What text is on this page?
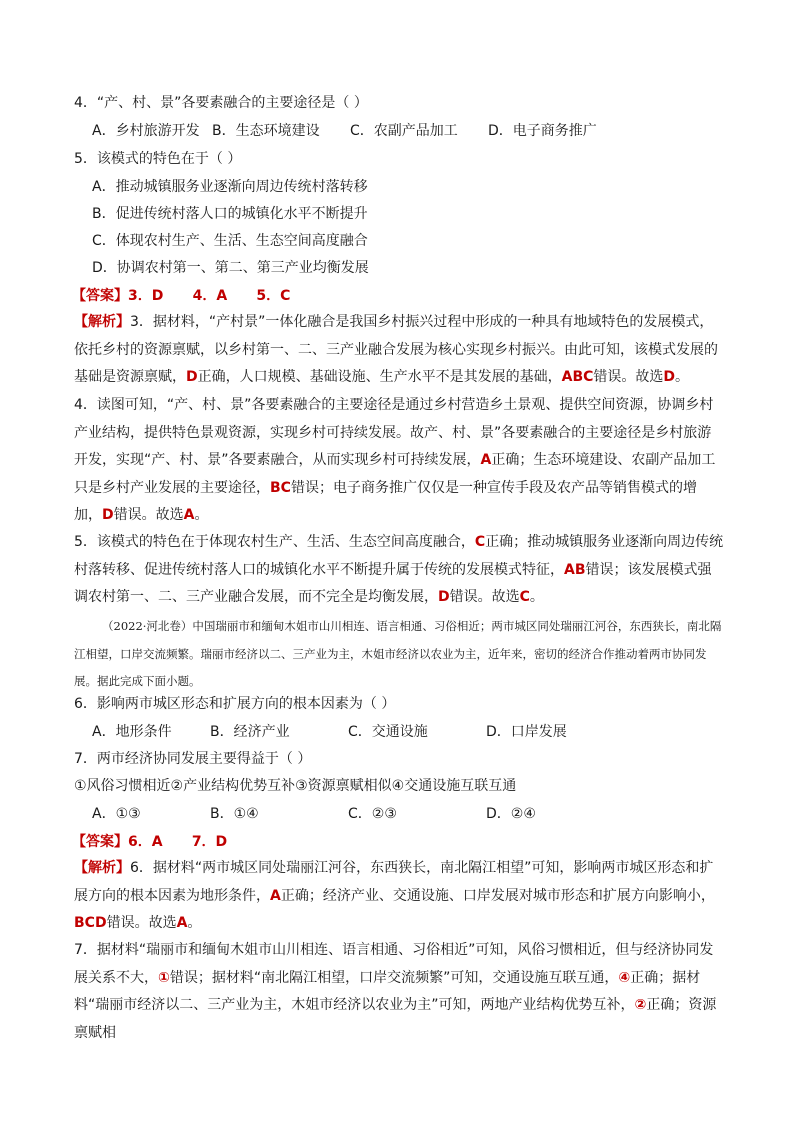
4．“产、村、景”各要素融合的主要途径是（ ）
A．乡村旅游开发 B．生态环境建设 C．农副产品加工 D．电子商务推广
5．该模式的特色在于（ ）
A．推动城镇服务业逐渐向周边传统村落转移
B．促进传统村落人口的城镇化水平不断提升
C．体现农村生产、生活、生态空间高度融合
D．协调农村第一、第二、第三产业均衡发展
【答案】3．D      4．A      5．C

【解析】3．据材料，“产村景”一体化融合是我国乡村振兴过程中形成的一种具有地域特色的发展模式，依托乡村的资源禀赋，以乡村第一、二、三产业融合发展为核心实现乡村振兴。由此可知，该模式发展的基础是资源禀赋，D正确，人口规模、基础设施、生产水平不是其发展的基础，ABC错误。故选D。

4．读图可知，“产、村、景”各要素融合的主要途径是通过乡村营造乡土景观、提供空间资源，协调乡村产业结构，提供特色景观资源，实现乡村可持续发展。故产、村、景”各要素融合的主要途径是乡村旅游开发，实现“产、村、景”各要素融合，从而实现乡村可持续发展，A正确；生态环境建设、农副产品加工只是乡村产业发展的主要途径，BC错误；电子商务推广仅仅是一种宣传手段及农产品等销售模式的增加，D错误。故选A。

5．该模式的特色在于体现农村生产、生活、生态空间高度融合，C正确；推动城镇服务业逐渐向周边传统村落转移、促进传统村落人口的城镇化水平不断提升属于传统的发展模式特征，AB错误；该发展模式强调农村第一、二、三产业融合发展，而不完全是均衡发展，D错误。故选C。

（2022·河北卷）中国瑞丽市和缅甸木姐市山川相连、语言相通、习俗相近；两市城区同处瑞丽江河谷，东西狭长，南北隔江相望，口岸交流频繁。瑞丽市经济以二、三产业为主，木姐市经济以农业为主，近年来，密切的经济合作推动着两市协同发展。据此完成下面小题。

6．影响两市城区形态和扩展方向的根本因素为（ ）
A．地形条件	B．经济产业	C．交通设施	D．口岸发展
7．两市经济协同发展主要得益于（ ）
①风俗习惯相近②产业结构优势互补③资源禀赋相似④交通设施互联互通
A．①③	B．①④	C．②③	D．②④
【答案】6．A      7．D

【解析】6．据材料“两市城区同处瑞丽江河谷，东西狭长，南北隔江相望”可知，影响两市城区形态和扩展方向的根本因素为地形条件，A正确；经济产业、交通设施、口岸发展对城市形态和扩展方向影响小，BCD错误。故选A。

7．据材料“瑞丽市和缅甸木姐市山川相连、语言相通、习俗相近”可知，风俗习惯相近，但与经济协同发展关系不大，①错误；据材料“南北隔江相望，口岸交流频繁”可知，交通设施互联互通，④正确；据材料“瑞丽市经济以二、三产业为主，木姐市经济以农业为主”可知，两地产业结构优势互补，②正确；资源禀赋相
